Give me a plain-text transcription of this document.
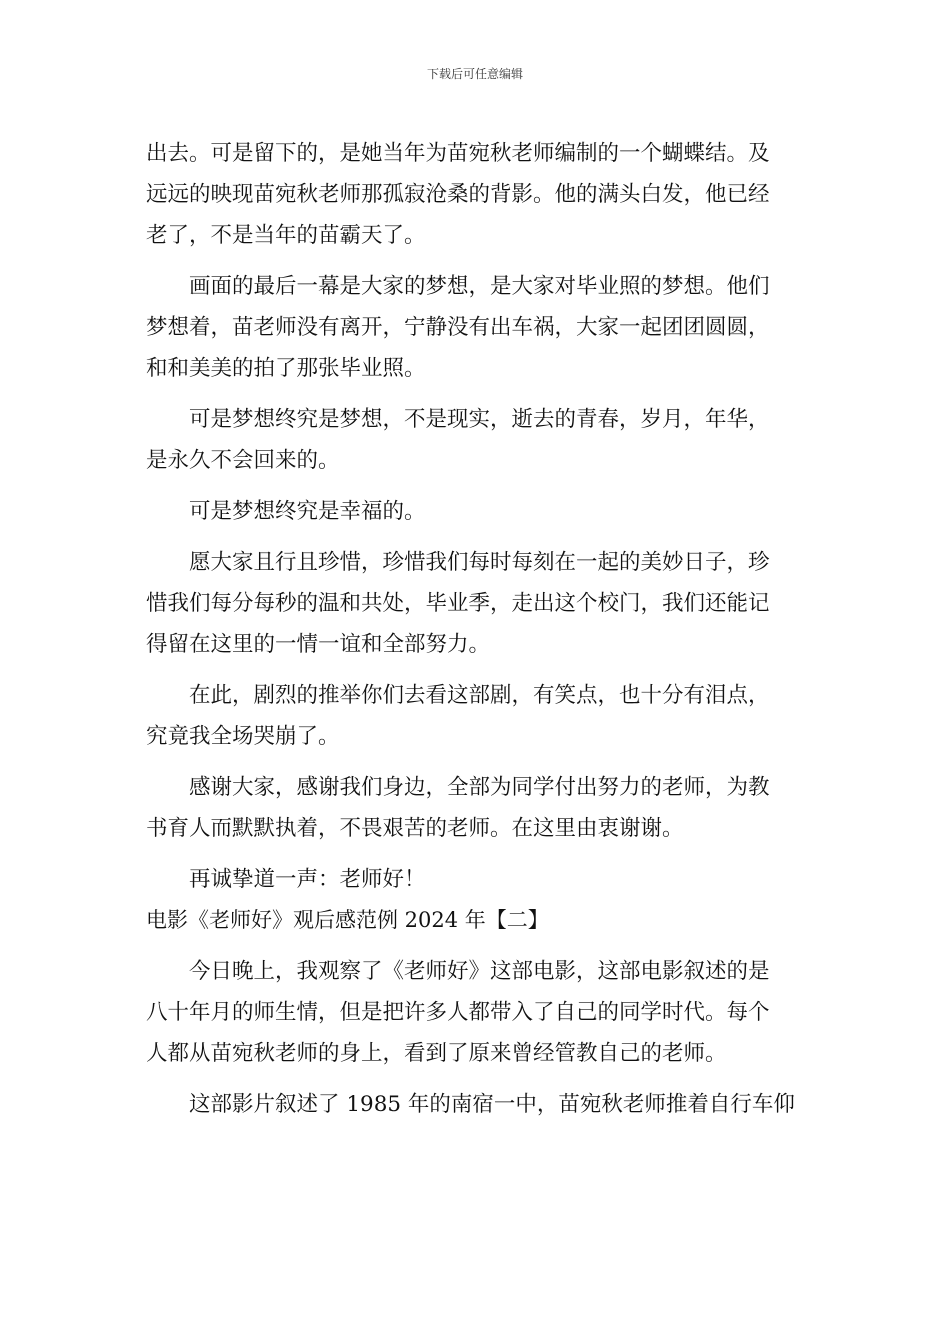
下载后可任意编辑
出去。可是留下的，是她当年为苗宛秋老师编制的一个蝴蝶结。及
远远的映现苗宛秋老师那孤寂沧桑的背影。他的满头白发，他已经
老了，不是当年的苗霸天了。
画面的最后一幕是大家的梦想，是大家对毕业照的梦想。他们
梦想着，苗老师没有离开，宁静没有出车祸，大家一起团团圆圆，
和和美美的拍了那张毕业照。
可是梦想终究是梦想，不是现实，逝去的青春，岁月，年华，
是永久不会回来的。
可是梦想终究是幸福的。
愿大家且行且珍惜，珍惜我们每时每刻在一起的美妙日子，珍
惜我们每分每秒的温和共处，毕业季，走出这个校门，我们还能记
得留在这里的一情一谊和全部努力。
在此，剧烈的推举你们去看这部剧，有笑点，也十分有泪点，
究竟我全场哭崩了。
感谢大家，感谢我们身边，全部为同学付出努力的老师，为教
书育人而默默执着，不畏艰苦的老师。在这里由衷谢谢。
再诚挚道一声：老师好！
电影《老师好》观后感范例 2024 年【二】
今日晚上，我观察了《老师好》这部电影，这部电影叙述的是
八十年月的师生情，但是把许多人都带入了自己的同学时代。每个
人都从苗宛秋老师的身上，看到了原来曾经管教自己的老师。
这部影片叙述了 1985 年的南宿一中，苗宛秋老师推着自行车仰
